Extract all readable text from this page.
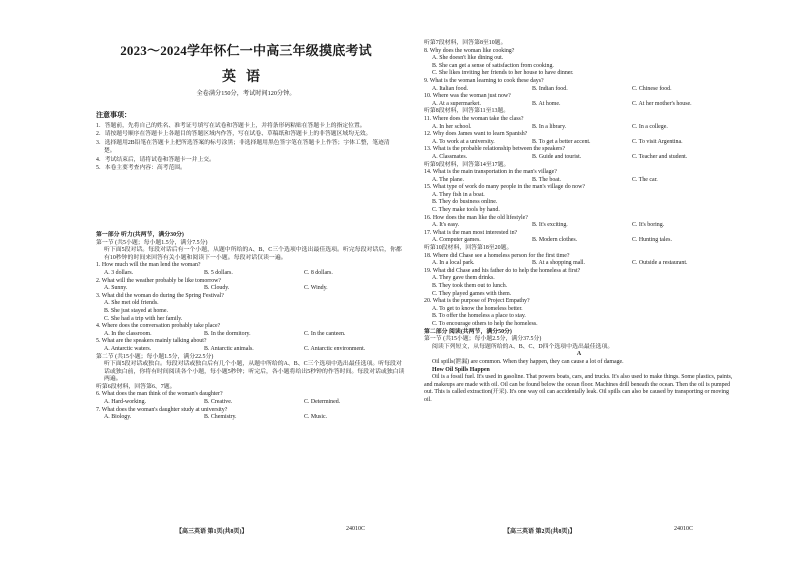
2023～2024学年怀仁一中高三年级摸底考试
英语
全卷满分150分，考试时间120分钟。
注意事项：
1．答题前，先将自己的姓名、准考证号填写在试卷和答题卡上，并将条形码粘贴在答题卡上的指定位置。
2．请按题号顺序在答题卡上各题目的答题区域内作答，写在试卷、草稿纸和答题卡上的非答题区域均无效。
3．选择题用2B铅笔在答题卡上把所选答案的标号涂黑；非选择题用黑色签字笔在答题卡上作答；字体工整，笔迹清楚。
4．考试结束后，请将试卷和答题卡一并上交。
5．本卷主要考查内容：高考范围。

第一部分 听力(共两节，满分30分)

第一节 (共5小题；每小题1.5分，满分7.5分)

听下面5段对话。每段对话后有一个小题，从题中所给的A、B、C三个选项中选出最佳选项。听完每段对话后，你都有10秒钟的时间来回答有关小题和阅读下一小题。每段对话仅读一遍。

1. How much will the man lend the woman?

A. 3 dollars.	B. 5 dollars.	C. 8 dollars.

2. What will the weather probably be like tomorrow?

A. Sunny.	B. Cloudy.	C. Windy.

3. What did the woman do during the Spring Festival?

A. She met old friends.

B. She just stayed at home.

C. She had a trip with her family.

4. Where does the conversation probably take place?

A. In the classroom.	B. In the dormitory.	C. In the canteen.

5. What are the speakers mainly talking about?

A. Antarctic waters.	B. Antarctic animals.	C. Antarctic environment.

第二节 (共15小题；每小题1.5分，满分22.5分)

听下面5段对话或独白。每段对话或独白后有几个小题，从题中所给的A、B、C三个选项中选出最佳选项。听每段对话或独白前，你将有时间阅读各个小题，每小题5秒钟；听完后，各小题将给出5秒钟的作答时间。每段对话或独白读两遍。

听第6段材料，回答第6、7题。

6. What does the man think of the woman's daughter?

A. Hard-working.	B. Creative.	C. Determined.

7. What does the woman's daughter study at university?

A. Biology.	B. Chemistry.	C. Music.

【高三英语 第1页(共8页)】	24010C

听第7段材料，回答第8至10题。

8. Why does the woman like cooking?

A. She doesn't like dining out.

B. She can get a sense of satisfaction from cooking.

C. She likes inviting her friends to her house to have dinner.

9. What is the woman learning to cook these days?

A. Italian food.	B. Indian food.	C. Chinese food.

10. Where was the woman just now?

A. At a supermarket.	B. At home.	C. At her mother's house.

听第8段材料，回答第11至13题。

11. Where does the woman take the class?

A. In her school.	B. In a library.	C. In a college.

12. Why does James want to learn Spanish?

A. To work at a university.	B. To get a better accent.	C. To visit Argentina.

13. What is the probable relationship between the speakers?

A. Classmates.	B. Guide and tourist.	C. Teacher and student.

听第9段材料，回答第14至17题。

14. What is the main transportation in the man's village?

A. The plane.	B. The boat.	C. The car.

15. What type of work do many people in the man's village do now?

A. They fish in a boat.

B. They do business online.

C. They make tools by hand.

16. How does the man like the old lifestyle?

A. It's easy.	B. It's exciting.	C. It's boring.

17. What is the man most interested in?

A. Computer games.	B. Modern clothes.	C. Hunting tales.

听第10段材料，回答第18至20题。

18. Where did Chase see a homeless person for the first time?

A. In a local park.	B. At a shopping mall.	C. Outside a restaurant.

19. What did Chase and his father do to help the homeless at first?

A. They gave them drinks.

B. They took them out to lunch.

C. They played games with them.

20. What is the purpose of Project Empathy?

A. To get to know the homeless better.

B. To offer the homeless a place to stay.

C. To encourage others to help the homeless.

第二部分 阅读(共两节，满分50分)

第一节 (共15小题；每小题2.5分，满分37.5分)

阅读下列短文，从每题所给的A、B、C、D四个选项中选出最佳选项。

A

Oil spills(泄漏) are common. When they happen, they can cause a lot of damage.

How Oil Spills Happen

Oil is a fossil fuel. It's used in gasoline. That powers boats, cars, and trucks. It's also used to make things. Some plastics, paints, and makeups are made with oil. Oil can be found below the ocean floor. Machines drill beneath the ocean. Then the oil is pumped out. This is called extraction(开采). It's one way oil can accidentally leak. Oil spills can also be caused by transporting or moving oil.

【高三英语 第2页(共8页)】	24010C
